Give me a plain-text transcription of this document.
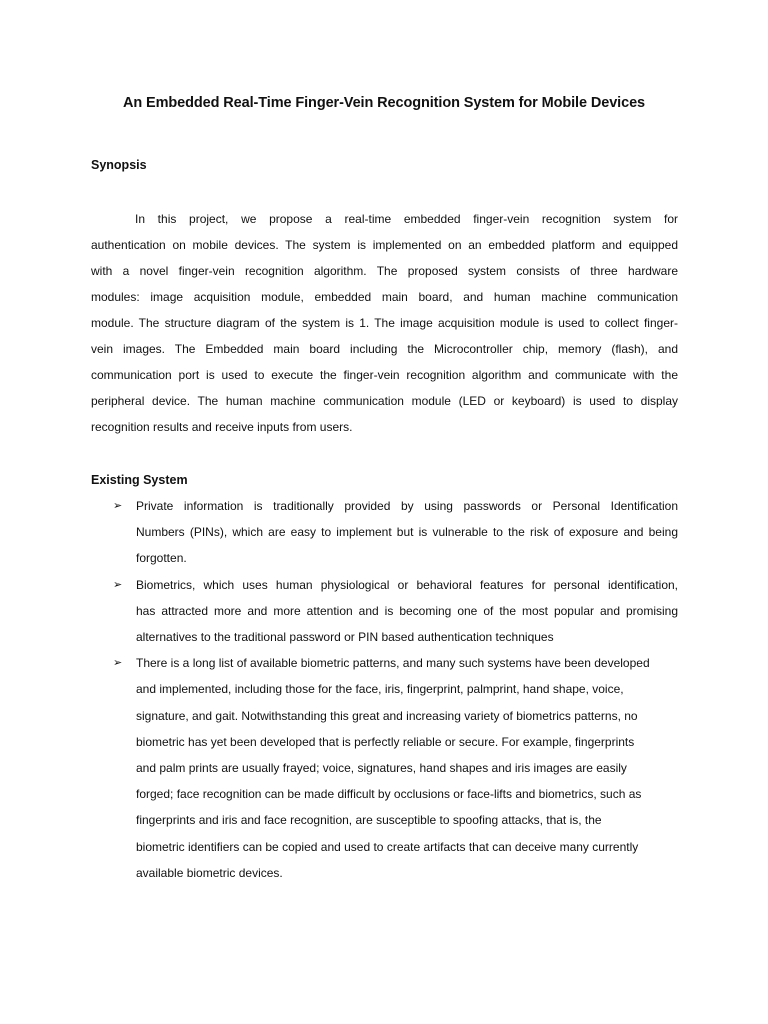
An Embedded Real-Time Finger-Vein Recognition System for Mobile Devices
Synopsis
In this project, we propose a real-time embedded finger-vein recognition system for
authentication on mobile devices. The system is implemented on an embedded platform and equipped
with a novel finger-vein recognition algorithm. The proposed system consists of three hardware
modules: image acquisition module, embedded main board, and human machine communication
module. The structure diagram of the system is 1. The image acquisition module is used to collect finger-
vein images. The Embedded main board including the Microcontroller chip, memory (flash), and
communication port is used to execute the finger-vein recognition algorithm and communicate with the
peripheral device. The human machine communication module (LED or keyboard) is used to display
recognition results and receive inputs from users.
Existing System
➢ Private information is traditionally provided by using passwords or Personal Identification
Numbers (PINs), which are easy to implement but is vulnerable to the risk of exposure and being
forgotten.
➢ Biometrics, which uses human physiological or behavioral features for personal identification,
has attracted more and more attention and is becoming one of the most popular and promising
alternatives to the traditional password or PIN based authentication techniques
➢ There is a long list of available biometric patterns, and many such systems have been developed
and implemented, including those for the face, iris, fingerprint, palmprint, hand shape, voice,
signature, and gait. Notwithstanding this great and increasing variety of biometrics patterns, no
biometric has yet been developed that is perfectly reliable or secure. For example, fingerprints
and palm prints are usually frayed; voice, signatures, hand shapes and iris images are easily
forged; face recognition can be made difficult by occlusions or face-lifts and biometrics, such as
fingerprints and iris and face recognition, are susceptible to spoofing attacks, that is, the
biometric identifiers can be copied and used to create artifacts that can deceive many currently
available biometric devices.
